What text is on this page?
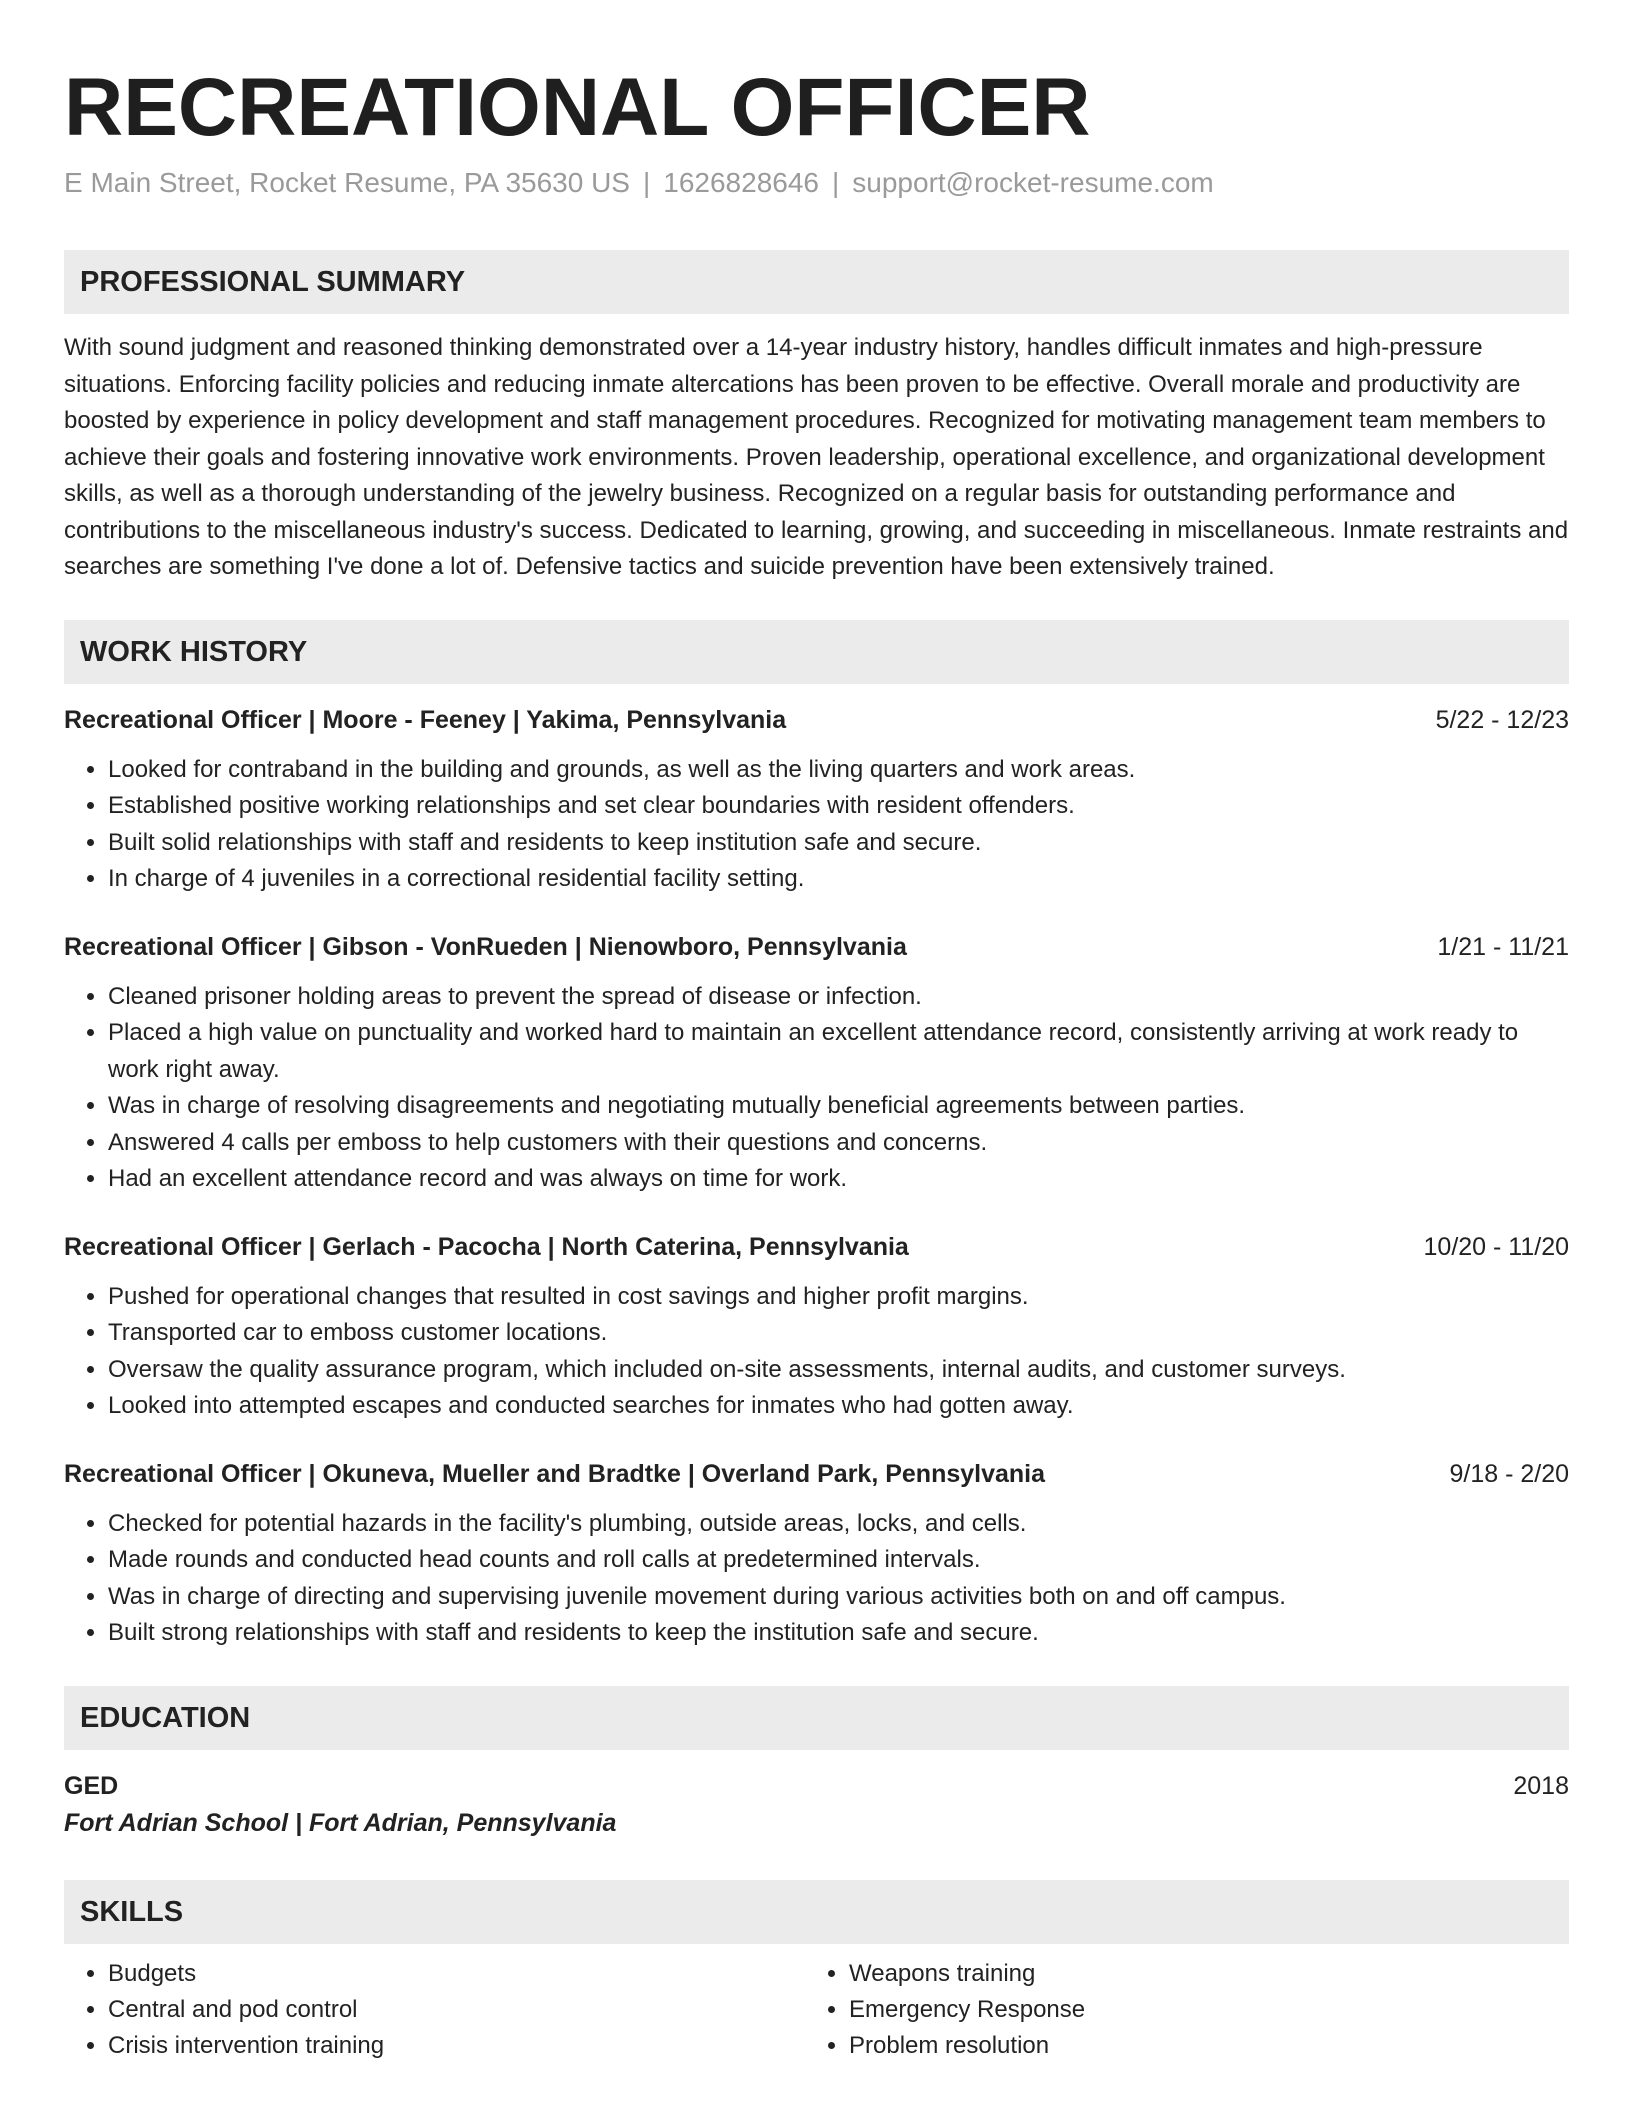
RECREATIONAL OFFICER
E Main Street, Rocket Resume, PA 35630 US | 1626828646 | support@rocket-resume.com
PROFESSIONAL SUMMARY
With sound judgment and reasoned thinking demonstrated over a 14-year industry history, handles difficult inmates and high-pressure situations. Enforcing facility policies and reducing inmate altercations has been proven to be effective. Overall morale and productivity are boosted by experience in policy development and staff management procedures. Recognized for motivating management team members to achieve their goals and fostering innovative work environments. Proven leadership, operational excellence, and organizational development skills, as well as a thorough understanding of the jewelry business. Recognized on a regular basis for outstanding performance and contributions to the miscellaneous industry's success. Dedicated to learning, growing, and succeeding in miscellaneous. Inmate restraints and searches are something I've done a lot of. Defensive tactics and suicide prevention have been extensively trained.
WORK HISTORY
Recreational Officer | Moore - Feeney | Yakima, Pennsylvania	5/22 - 12/23
• Looked for contraband in the building and grounds, as well as the living quarters and work areas.
• Established positive working relationships and set clear boundaries with resident offenders.
• Built solid relationships with staff and residents to keep institution safe and secure.
• In charge of 4 juveniles in a correctional residential facility setting.
Recreational Officer | Gibson - VonRueden | Nienowboro, Pennsylvania	1/21 - 11/21
• Cleaned prisoner holding areas to prevent the spread of disease or infection.
• Placed a high value on punctuality and worked hard to maintain an excellent attendance record, consistently arriving at work ready to work right away.
• Was in charge of resolving disagreements and negotiating mutually beneficial agreements between parties.
• Answered 4 calls per emboss to help customers with their questions and concerns.
• Had an excellent attendance record and was always on time for work.
Recreational Officer | Gerlach - Pacocha | North Caterina, Pennsylvania	10/20 - 11/20
• Pushed for operational changes that resulted in cost savings and higher profit margins.
• Transported car to emboss customer locations.
• Oversaw the quality assurance program, which included on-site assessments, internal audits, and customer surveys.
• Looked into attempted escapes and conducted searches for inmates who had gotten away.
Recreational Officer | Okuneva, Mueller and Bradtke | Overland Park, Pennsylvania	9/18 - 2/20
• Checked for potential hazards in the facility's plumbing, outside areas, locks, and cells.
• Made rounds and conducted head counts and roll calls at predetermined intervals.
• Was in charge of directing and supervising juvenile movement during various activities both on and off campus.
• Built strong relationships with staff and residents to keep the institution safe and secure.
EDUCATION
GED	2018
Fort Adrian School | Fort Adrian, Pennsylvania
SKILLS
• Budgets
• Central and pod control
• Crisis intervention training
• Weapons training
• Emergency Response
• Problem resolution
